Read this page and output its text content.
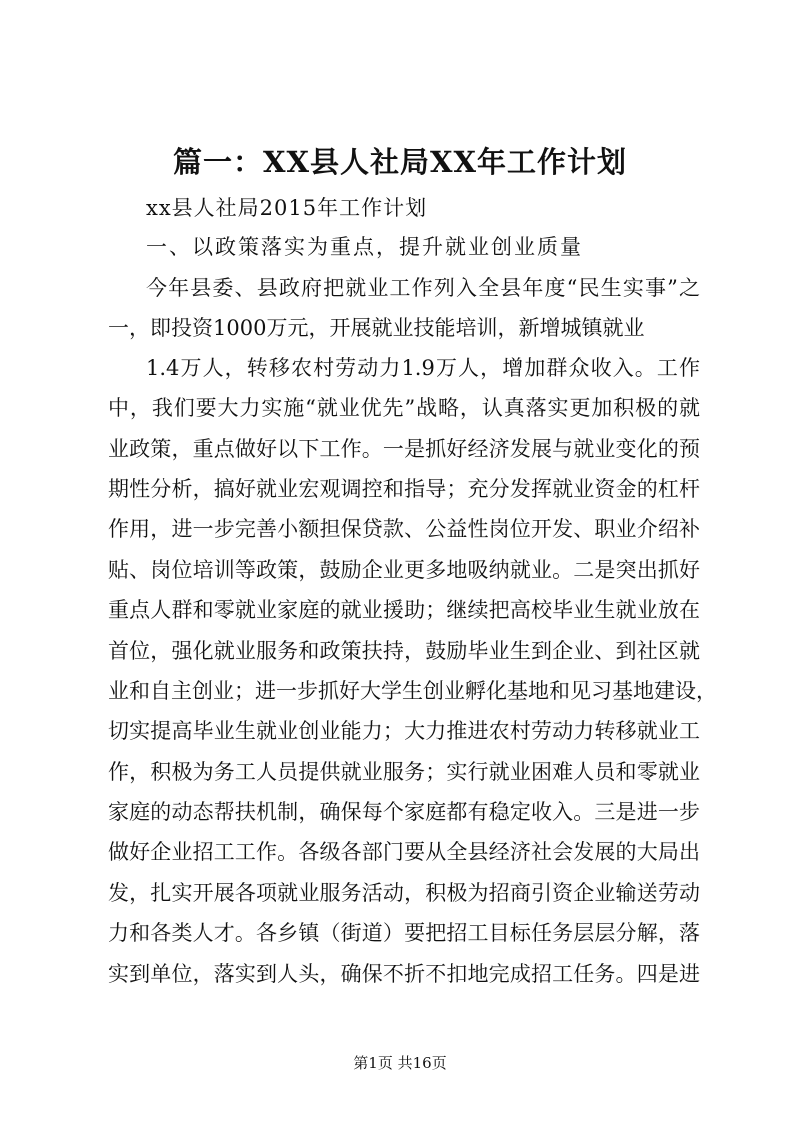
篇一：XX县人社局XX年工作计划
xx县人社局2015年工作计划
一、以政策落实为重点，提升就业创业质量
今年县委、县政府把就业工作列入全县年度“民生实事”之
一，即投资1000万元，开展就业技能培训，新增城镇就业
1.4万人，转移农村劳动力1.9万人，增加群众收入。工作
中，我们要大力实施“就业优先”战略，认真落实更加积极的就
业政策，重点做好以下工作。一是抓好经济发展与就业变化的预
期性分析，搞好就业宏观调控和指导；充分发挥就业资金的杠杆
作用，进一步完善小额担保贷款、公益性岗位开发、职业介绍补
贴、岗位培训等政策，鼓励企业更多地吸纳就业。二是突出抓好
重点人群和零就业家庭的就业援助；继续把高校毕业生就业放在
首位，强化就业服务和政策扶持，鼓励毕业生到企业、到社区就
业和自主创业；进一步抓好大学生创业孵化基地和见习基地建设，
切实提高毕业生就业创业能力；大力推进农村劳动力转移就业工
作，积极为务工人员提供就业服务；实行就业困难人员和零就业
家庭的动态帮扶机制，确保每个家庭都有稳定收入。三是进一步
做好企业招工工作。各级各部门要从全县经济社会发展的大局出
发，扎实开展各项就业服务活动，积极为招商引资企业输送劳动
力和各类人才。各乡镇（街道）要把招工目标任务层层分解，落
实到单位，落实到人头，确保不折不扣地完成招工任务。四是进
第1页 共16页
